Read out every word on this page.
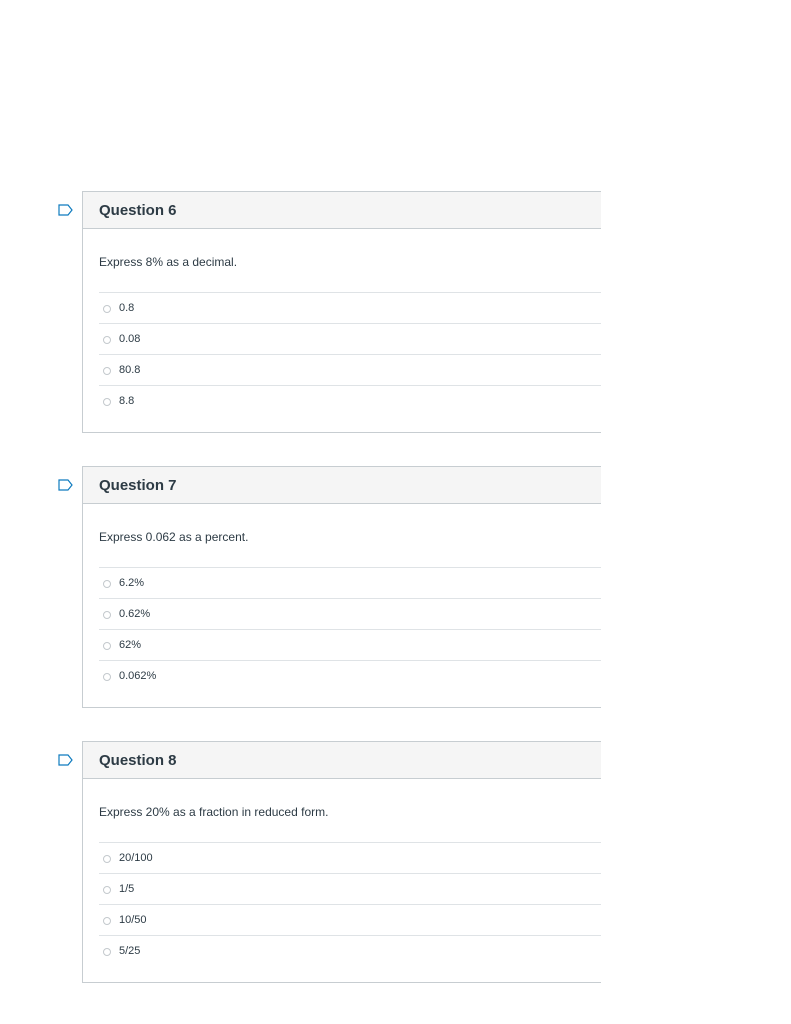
Question 6
Express 8% as a decimal.
0.8
0.08
80.8
8.8
Question 7
Express 0.062 as a percent.
6.2%
0.62%
62%
0.062%
Question 8
Express 20% as a fraction in reduced form.
20/100
1/5
10/50
5/25
